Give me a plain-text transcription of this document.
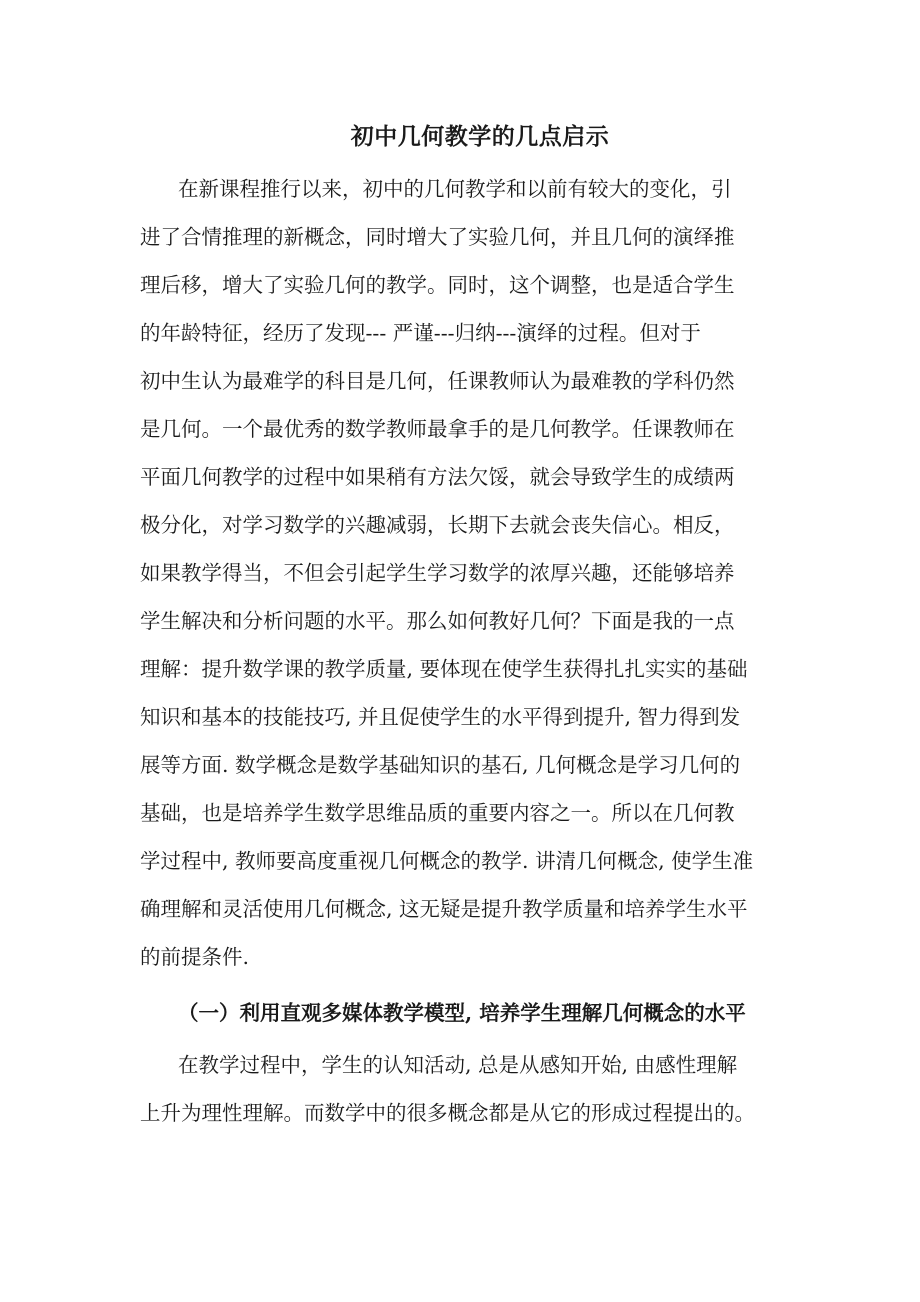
初中几何教学的几点启示

在新课程推行以来，初中的几何教学和以前有较大的变化，引

进了合情推理的新概念，同时增大了实验几何，并且几何的演绎推

理后移，增大了实验几何的教学。同时，这个调整，也是适合学生

的年龄特征，经历了发现--- 严谨---归纳---演绎的过程。但对于

初中生认为最难学的科目是几何，任课教师认为最难教的学科仍然

是几何。一个最优秀的数学教师最拿手的是几何教学。任课教师在

平面几何教学的过程中如果稍有方法欠馁，就会导致学生的成绩两

极分化，对学习数学的兴趣减弱，长期下去就会丧失信心。相反，

如果教学得当，不但会引起学生学习数学的浓厚兴趣，还能够培养

学生解决和分析问题的水平。那么如何教好几何？下面是我的一点

理解：提升数学课的教学质量, 要体现在使学生获得扎扎实实的基础

知识和基本的技能技巧, 并且促使学生的水平得到提升, 智力得到发

展等方面. 数学概念是数学基础知识的基石, 几何概念是学习几何的

基础，也是培养学生数学思维品质的重要内容之一。所以在几何教

学过程中, 教师要高度重视几何概念的教学. 讲清几何概念, 使学生准

确理解和灵活使用几何概念, 这无疑是提升教学质量和培养学生水平

的前提条件.

（一）利用直观多媒体教学模型, 培养学生理解几何概念的水平

在教学过程中，学生的认知活动, 总是从感知开始, 由感性理解

上升为理性理解。而数学中的很多概念都是从它的形成过程提出的。
